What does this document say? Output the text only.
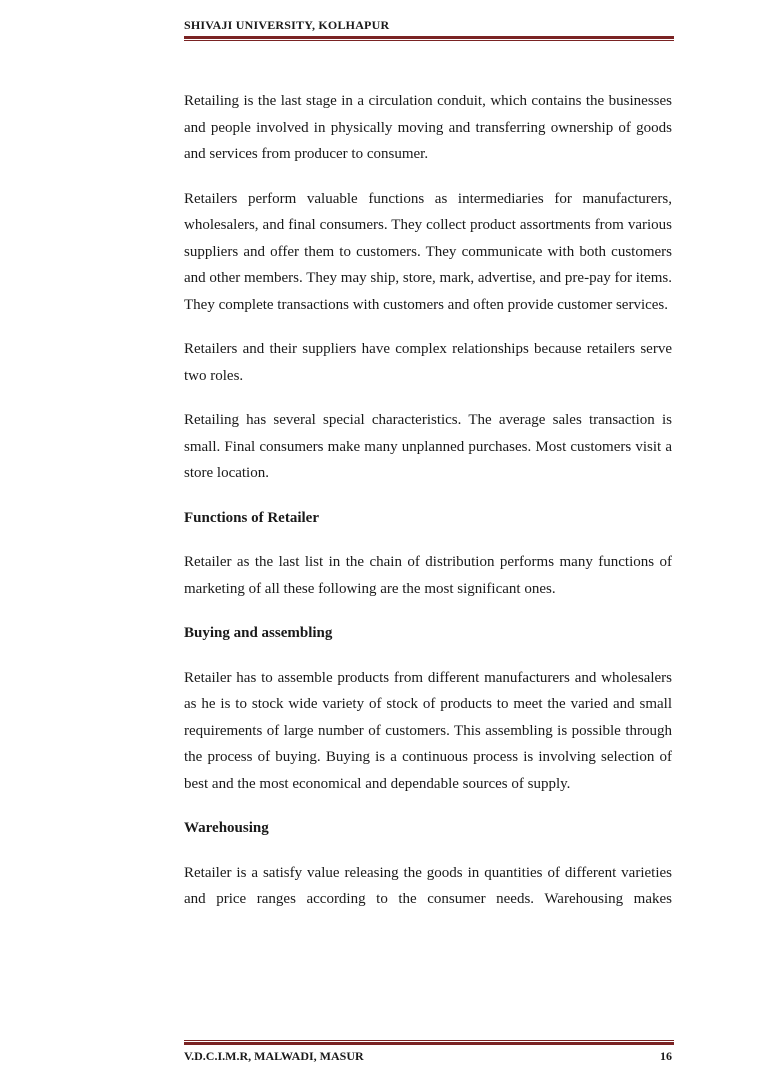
SHIVAJI UNIVERSITY, KOLHAPUR

Retailing is the last stage in a circulation conduit, which contains the businesses and people involved in physically moving and transferring ownership of goods and services from producer to consumer.

Retailers perform valuable functions as intermediaries for manufacturers, wholesalers, and final consumers. They collect product assortments from various suppliers and offer them to customers. They communicate with both customers and other members. They may ship, store, mark, advertise, and pre-pay for items. They complete transactions with customers and often provide customer services.

Retailers and their suppliers have complex relationships because retailers serve two roles.

Retailing has several special characteristics. The average sales transaction is small. Final consumers make many unplanned purchases. Most customers visit a store location.

Functions of Retailer

Retailer as the last list in the chain of distribution performs many functions of marketing of all these following are the most significant ones.

Buying and assembling

Retailer has to assemble products from different manufacturers and wholesalers as he is to stock wide variety of stock of products to meet the varied and small requirements of large number of customers. This assembling is possible through the process of buying. Buying is a continuous process is involving selection of best and the most economical and dependable sources of supply.

Warehousing

Retailer is a satisfy value releasing the goods in quantities of different varieties and price ranges according to the consumer needs. Warehousing makes

V.D.C.I.M.R, MALWADI, MASUR	16
